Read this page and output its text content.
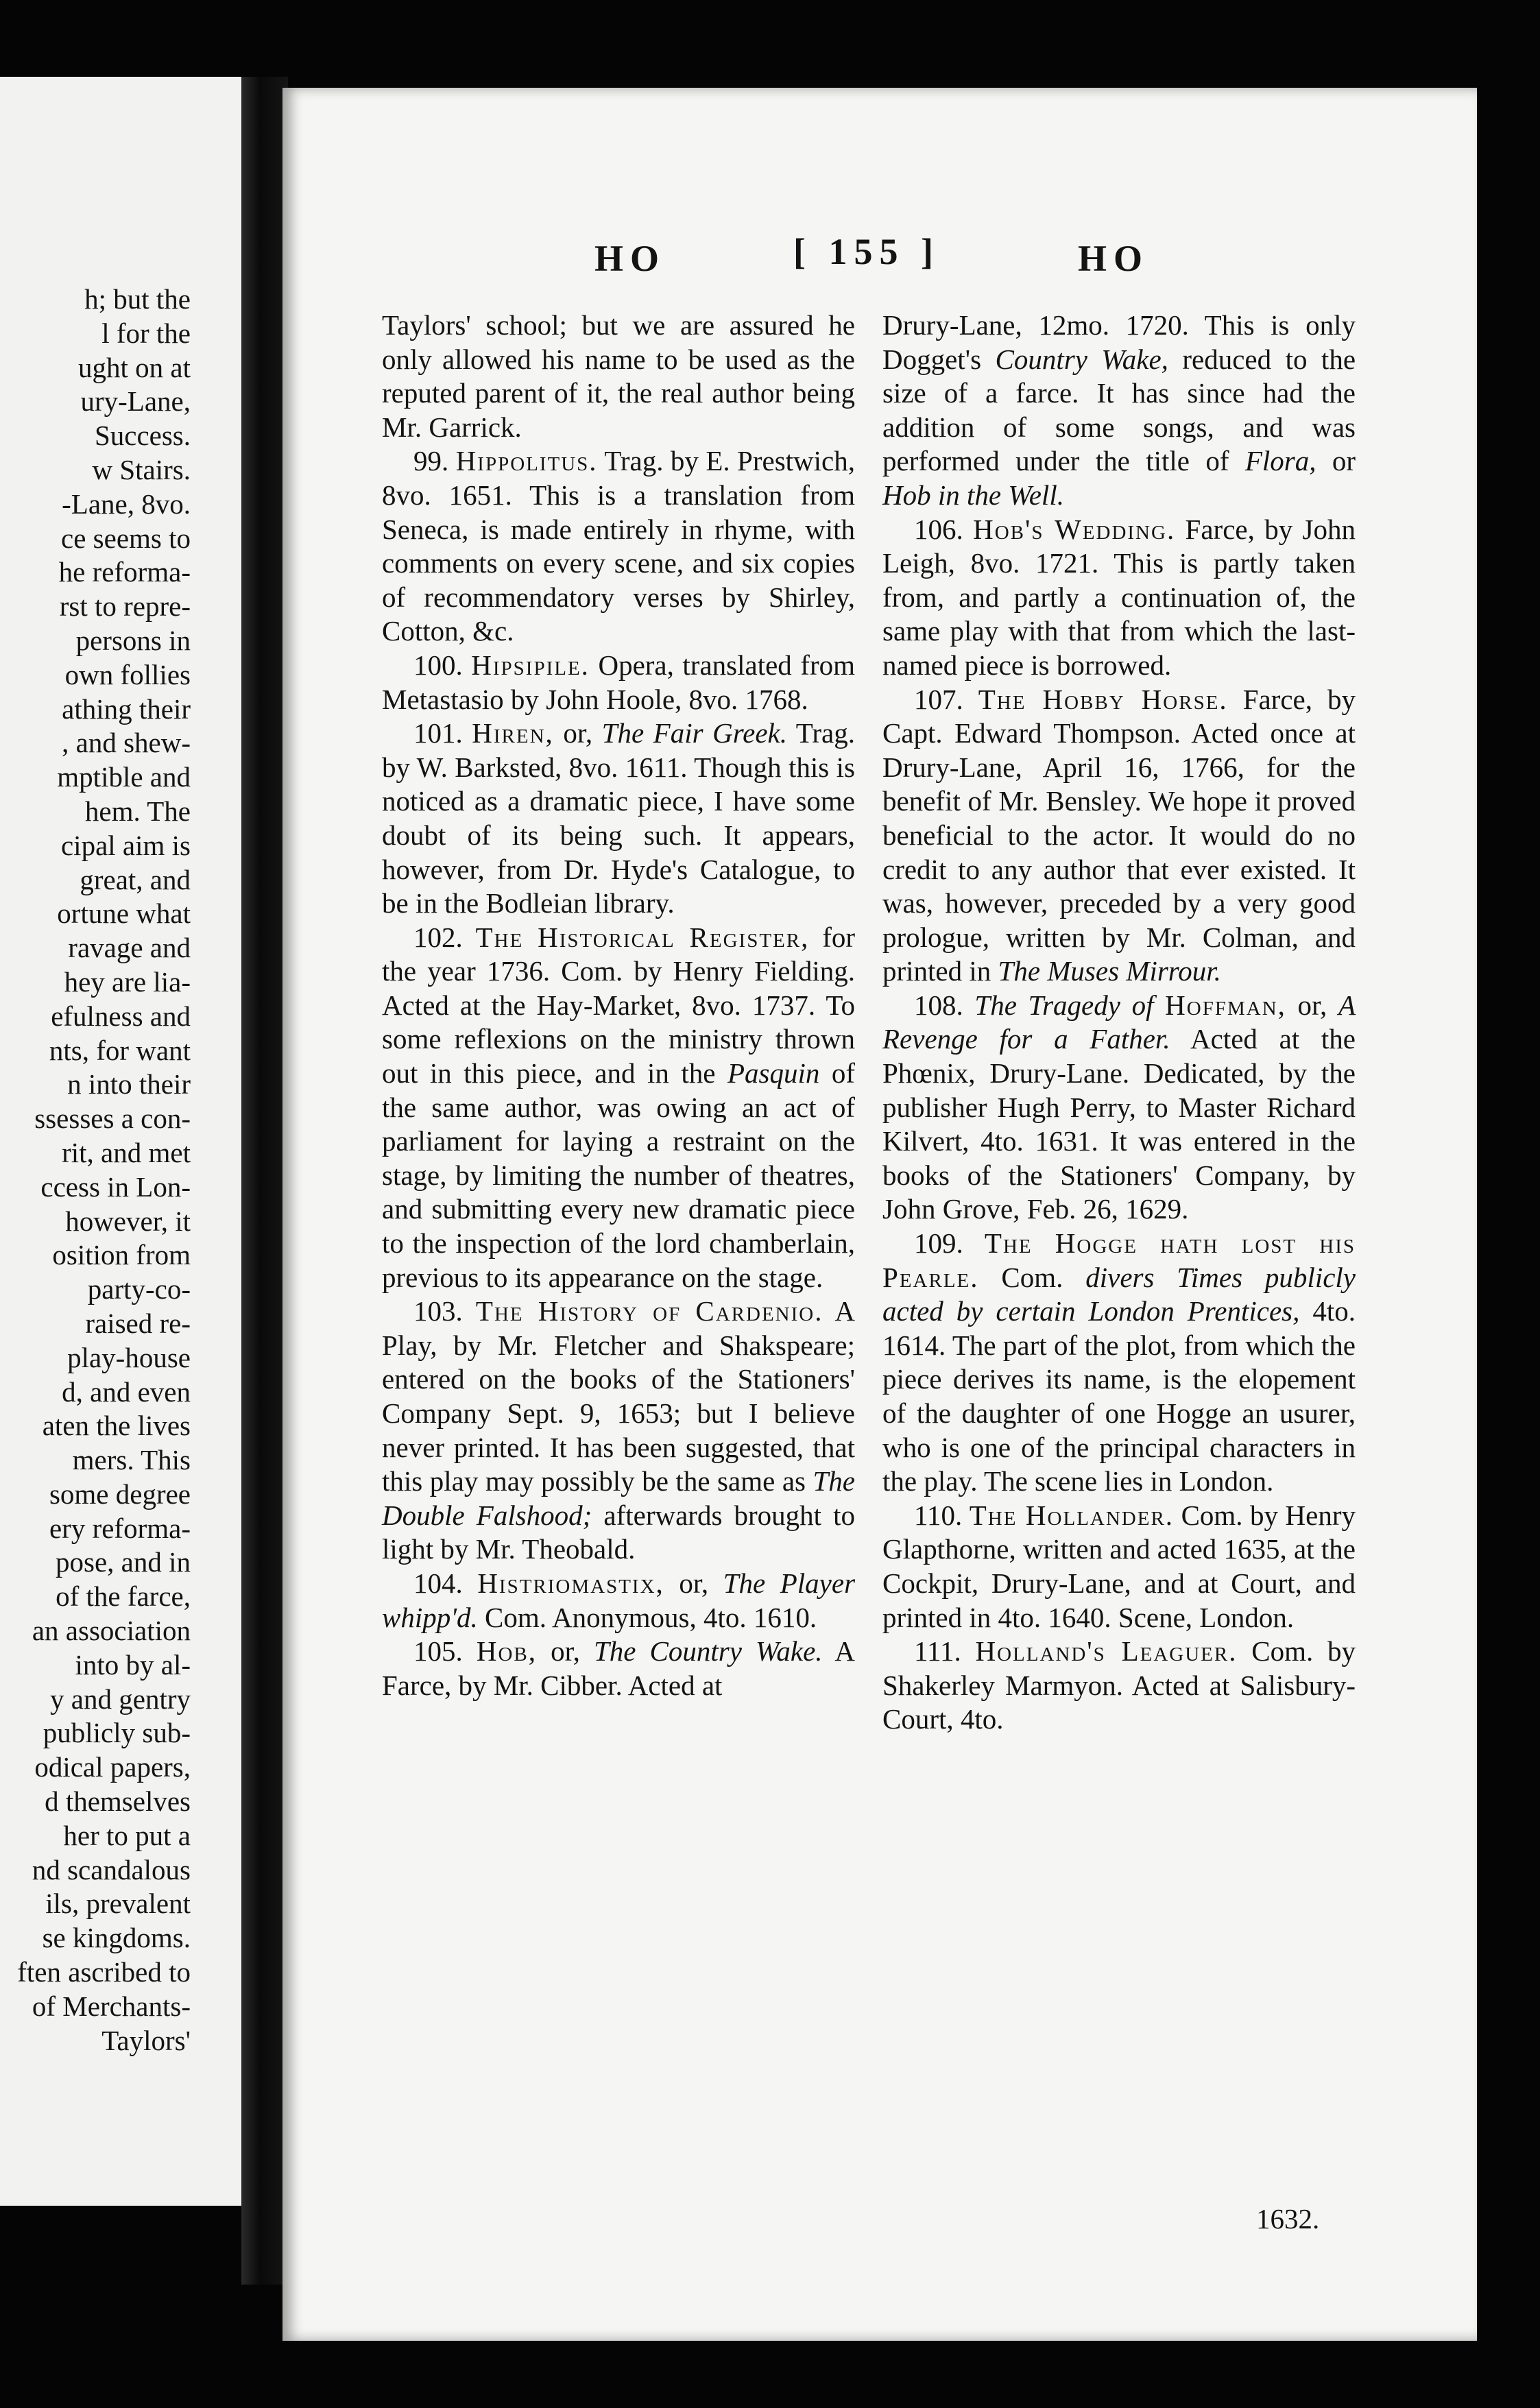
h; but the
l for the
ught on at
ury-Lane,
Success.
w Stairs.
-Lane, 8vo.
ce seems to
he reforma-
rst to repre-
persons in
own follies
athing their
, and shew-
mptible and
hem. The
cipal aim is
great, and
ortune what
ravage and
hey are lia-
efulness and
nts, for want
n into their
ssesses a con-
rit, and met
ccess in Lon-
however, it
osition from
party-co-
raised re-
play-house
d, and even
aten the lives
mers. This
some degree
ery reforma-
pose, and in
of the farce,
an association
into by al-
y and gentry
publicly sub-
odical papers,
d themselves
her to put a
nd scandalous
ils, prevalent
se kingdoms.
ften ascribed to
of Merchants-
Taylors'
HO	[ 155 ]	HO

Taylors' school; but we are assured he only allowed his name to be used as the reputed parent of it, the real author being Mr. Garrick.

99. Hippolitus. Trag. by E. Prestwich, 8vo. 1651. This is a translation from Seneca, is made entirely in rhyme, with comments on every scene, and six copies of recommendatory verses by Shirley, Cotton, &c.

100. Hipsipile. Opera, translated from Metastasio by John Hoole, 8vo. 1768.

101. Hiren, or, The Fair Greek. Trag. by W. Barksted, 8vo. 1611. Though this is noticed as a dramatic piece, I have some doubt of its being such. It appears, however, from Dr. Hyde's Catalogue, to be in the Bodleian library.

102. The Historical Register, for the year 1736. Com. by Henry Fielding. Acted at the Hay-Market, 8vo. 1737. To some reflexions on the ministry thrown out in this piece, and in the Pasquin of the same author, was owing an act of parliament for laying a restraint on the stage, by limiting the number of theatres, and submitting every new dramatic piece to the inspection of the lord chamberlain, previous to its appearance on the stage.

103. The History of Cardenio. A Play, by Mr. Fletcher and Shakspeare; entered on the books of the Stationers' Company Sept. 9, 1653; but I believe never printed. It has been suggested, that this play may possibly be the same as The Double Falshood; afterwards brought to light by Mr. Theobald.

104. Histriomastix, or, The Player whipp'd. Com. Anonymous, 4to. 1610.

105. Hob, or, The Country Wake. A Farce, by Mr. Cibber. Acted at

Drury-Lane, 12mo. 1720. This is only Dogget's Country Wake, reduced to the size of a farce. It has since had the addition of some songs, and was performed under the title of Flora, or Hob in the Well.

106. Hob's Wedding. Farce, by John Leigh, 8vo. 1721. This is partly taken from, and partly a continuation of, the same play with that from which the last-named piece is borrowed.

107. The Hobby Horse. Farce, by Capt. Edward Thompson. Acted once at Drury-Lane, April 16, 1766, for the benefit of Mr. Bensley. We hope it proved beneficial to the actor. It would do no credit to any author that ever existed. It was, however, preceded by a very good prologue, written by Mr. Colman, and printed in The Muses Mirrour.

108. The Tragedy of Hoffman, or, A Revenge for a Father. Acted at the Phœnix, Drury-Lane. Dedicated, by the publisher Hugh Perry, to Master Richard Kilvert, 4to. 1631. It was entered in the books of the Stationers' Company, by John Grove, Feb. 26, 1629.

109. The Hogge hath lost his Pearle. Com. divers Times publicly acted by certain London Prentices, 4to. 1614. The part of the plot, from which the piece derives its name, is the elopement of the daughter of one Hogge an usurer, who is one of the principal characters in the play. The scene lies in London.

110. The Hollander. Com. by Henry Glapthorne, written and acted 1635, at the Cockpit, Drury-Lane, and at Court, and printed in 4to. 1640. Scene, London.

111. Holland's Leaguer. Com. by Shakerley Marmyon. Acted at Salisbury-Court, 4to.

1632.
